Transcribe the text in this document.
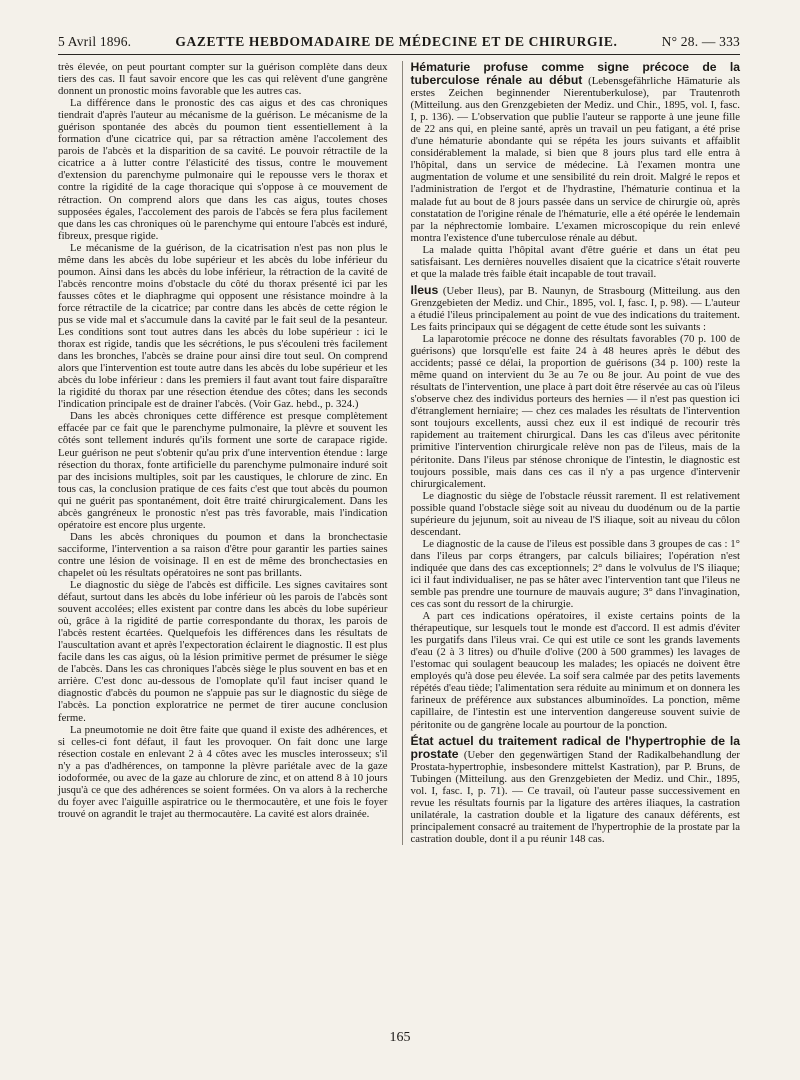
5 Avril 1896.	GAZETTE HEBDOMADAIRE DE MÉDECINE ET DE CHIRURGIE.	N° 28. — 333

très élevée, on peut pourtant compter sur la guérison complète dans deux tiers des cas. Il faut savoir encore que les cas qui relèvent d'une gangrène donnent un pronostic moins favorable que les autres cas.

La différence dans le pronostic des cas aigus et des cas chroniques tiendrait d'après l'auteur au mécanisme de la guérison. Le mécanisme de la guérison spontanée des abcès du poumon tient essentiellement à la formation d'une cicatrice qui, par sa rétraction amène l'accolement des parois de l'abcès et la disparition de sa cavité. Le pouvoir rétractile de la cicatrice a à lutter contre l'élasticité des tissus, contre le mouvement d'extension du parenchyme pulmonaire qui le repousse vers le thorax et contre la rigidité de la cage thoracique qui s'oppose à ce mouvement de rétraction. On comprend alors que dans les cas aigus, toutes choses supposées égales, l'accolement des parois de l'abcès se fera plus facilement que dans les cas chroniques où le parenchyme qui entoure l'abcès est induré, fibreux, presque rigide.

Le mécanisme de la guérison, de la cicatrisation n'est pas non plus le même dans les abcès du lobe supérieur et les abcès du lobe inférieur du poumon. Ainsi dans les abcès du lobe inférieur, la rétraction de la cavité de l'abcès rencontre moins d'obstacle du côté du thorax présenté ici par les fausses côtes et le diaphragme qui opposent une résistance moindre à la force rétractile de la cicatrice; par contre dans les abcès de cette région le pus se vide mal et s'accumule dans la cavité par le fait seul de la pesanteur. Les conditions sont tout autres dans les abcès du lobe supérieur : ici le thorax est rigide, tandis que les sécrétions, le pus s'écouleni très facilement dans les bronches, l'abcès se draine pour ainsi dire tout seul. On comprend alors que l'intervention est toute autre dans les abcès du lobe supérieur et les abcès du lobe inférieur : dans les premiers il faut avant tout faire disparaître la rigidité du thorax par une résection étendue des côtes; dans les seconds l'indication principale est de drainer l'abcès. (Voir Gaz. hebd., p. 324.)

Dans les abcès chroniques cette différence est presque complètement effacée par ce fait que le parenchyme pulmonaire, la plèvre et souvent les côtés sont tellement indurés qu'ils forment une sorte de carapace rigide. Leur guérison ne peut s'obtenir qu'au prix d'une intervention étendue : large résection du thorax, fonte artificielle du parenchyme pulmonaire induré soit par des incisions multiples, soit par les caustiques, le chlorure de zinc. En tous cas, la conclusion pratique de ces faits c'est que tout abcès du poumon qui ne guérit pas spontanément, doit être traité chirurgicalement. Dans les abcès gangréneux le pronostic n'est pas très favorable, mais l'indication opératoire est encore plus urgente.

Dans les abcès chroniques du poumon et dans la bronchectasie sacciforme, l'intervention a sa raison d'être pour garantir les parties saines contre une lésion de voisinage. Il en est de même des bronchectasies en chapelet où les résultats opératoires ne sont pas brillants.

Le diagnostic du siège de l'abcès est difficile. Les signes cavitaires sont défaut, surtout dans les abcès du lobe inférieur où les parois de l'abcès sont souvent accolées; elles existent par contre dans les abcès du lobe supérieur où, grâce à la rigidité de partie correspondante du thorax, les parois de l'abcès restent écartées. Quelquefois les différences dans les résultats de l'auscultation avant et après l'expectoration éclairent le diagnostic. Il est plus facile dans les cas aigus, où la lésion primitive permet de présumer le siège de l'abcès. Dans les cas chroniques l'abcès siège le plus souvent en bas et en arrière. C'est donc au-dessous de l'omoplate qu'il faut inciser quand le diagnostic d'abcès du poumon ne s'appuie pas sur le diagnostic du siège de l'abcès. La ponction exploratrice ne permet de tirer aucune conclusion ferme.

La pneumotomie ne doit être faite que quand il existe des adhérences, et si celles-ci font défaut, il faut les provoquer. On fait donc une large résection costale en enlevant 2 à 4 côtes avec les muscles interosseux; s'il n'y a pas d'adhérences, on tamponne la plèvre pariétale avec de la gaze iodoformée, ou avec de la gaze au chlorure de zinc, et on attend 8 à 10 jours jusqu'à ce que des adhérences se soient formées. On va alors à la recherche du foyer avec l'aiguille aspiratrice ou le thermocautère, et une fois le foyer trouvé on agrandit le trajet au thermocautère. La cavité est alors drainée.

Hématurie profuse comme signe précoce de la tuberculose rénale au début (Lebensgefährliche Hämaturie als erstes Zeichen beginnender Nierentuberkulose), par Trautenroth (Mitteilung. aus den Grenzgebieten der Mediz. und Chir., 1895, vol. I, fasc. I, p. 136). — L'observation que publie l'auteur se rapporte à une jeune fille de 22 ans qui, en pleine santé, après un travail un peu fatigant, a été prise d'une hématurie abondante qui se répéta les jours suivants et affaiblit considérablement la malade, si bien que 8 jours plus tard elle entra à l'hôpital, dans un service de médecine. Là l'examen montra une augmentation de volume et une sensibilité du rein droit. Malgré le repos et l'administration de l'ergot et de l'hydrastine, l'hématurie continua et la malade fut au bout de 8 jours passée dans un service de chirurgie où, après constatation de l'origine rénale de l'hématurie, elle a été opérée le lendemain par la néphrectomie lombaire. L'examen microscopique du rein enlevé montra l'existence d'une tuberculose rénale au début.

La malade quitta l'hôpital avant d'être guérie et dans un état peu satisfaisant. Les dernières nouvelles disaient que la cicatrice s'était rouverte et que la malade très faible était incapable de tout travail.

Ileus (Ueber Ileus), par B. Naunyn, de Strasbourg (Mitteilung. aus den Grenzgebieten der Mediz. und Chir., 1895, vol. I, fasc. I, p. 98). — L'auteur a étudié l'ileus principalement au point de vue des indications du traitement. Les faits principaux qui se dégagent de cette étude sont les suivants :

La laparotomie précoce ne donne des résultats favorables (70 p. 100 de guérisons) que lorsqu'elle est faite 24 à 48 heures après le début des accidents; passé ce délai, la proportion de guérisons (34 p. 100) reste la même quand on intervient du 3e au 7e ou 8e jour. Au point de vue des résultats de l'intervention, une place à part doit être réservée au cas où l'ileus s'observe chez des individus porteurs des hernies — il n'est pas question ici d'étranglement herniaire; — chez ces malades les résultats de l'intervention sont toujours excellents, aussi chez eux il est indiqué de recourir très rapidement au traitement chirurgical. Dans les cas d'ileus avec péritonite primitive l'intervention chirurgicale relève non pas de l'ileus, mais de la péritonite. Dans l'ileus par sténose chronique de l'intestin, le diagnostic est toujours possible, mais dans ces cas il n'y a pas urgence d'intervenir chirurgicalement.

Le diagnostic du siège de l'obstacle réussit rarement. Il est relativement possible quand l'obstacle siège soit au niveau du duodénum ou de la partie supérieure du jejunum, soit au niveau de l'S iliaque, soit au niveau du côlon descendant.

Le diagnostic de la cause de l'ileus est possible dans 3 groupes de cas : 1° dans l'ileus par corps étrangers, par calculs biliaires; l'opération n'est indiquée que dans des cas exceptionnels; 2° dans le volvulus de l'S iliaque; ici il faut individualiser, ne pas se hâter avec l'intervention tant que l'ileus ne semble pas prendre une tournure de mauvais augure; 3° dans l'invagination, ces cas sont du ressort de la chirurgie.

A part ces indications opératoires, il existe certains points de la thérapeutique, sur lesquels tout le monde est d'accord. Il est admis d'éviter les purgatifs dans l'ileus vrai. Ce qui est utile ce sont les grands lavements d'eau (2 à 3 litres) ou d'huile d'olive (200 à 500 grammes) les lavages de l'estomac qui soulagent beaucoup les malades; les opiacés ne doivent être employés qu'à dose peu élevée. La soif sera calmée par des petits lavements répétés d'eau tiède; l'alimentation sera réduite au minimum et on donnera les farineux de préférence aux substances albuminoïdes. La ponction, même capillaire, de l'intestin est une intervention dangereuse souvent suivie de péritonite ou de gangrène locale au pourtour de la ponction.

État actuel du traitement radical de l'hypertrophie de la prostate (Ueber den gegenwärtigen Stand der Radikalbehandlung der Prostata-hypertrophie, insbesondere mittelst Kastration), par P. Bruns, de Tubingen (Mitteilung. aus den Grenzgebieten der Mediz. und Chir., 1895, vol. I, fasc. I, p. 71). — Ce travail, où l'auteur passe successivement en revue les résultats fournis par la ligature des artères iliaques, la castration unilatérale, la castration double et la ligature des canaux déférents, est principalement consacré au traitement de l'hypertrophie de la prostate par la castration double, dont il a pu réunir 148 cas.

165
